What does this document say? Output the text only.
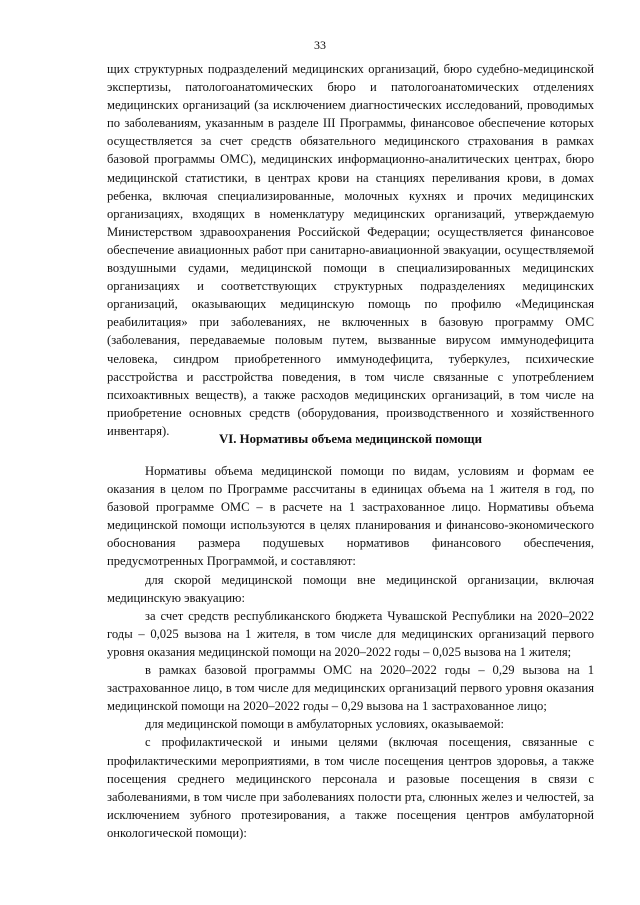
33

щих структурных подразделений медицинских организаций, бюро судебно-медицинской экспертизы, патологоанатомических бюро и патологоанатомических отделениях медицинских организаций (за исключением диагностических исследований, проводимых по заболеваниям, указанным в разделе III Программы, финансовое обеспечение которых осуществляется за счет средств обязательного медицинского страхования в рамках базовой программы ОМС), медицинских информационно-аналитических центрах, бюро медицинской статистики, в центрах крови на станциях переливания крови, в домах ребенка, включая специализированные, молочных кухнях и прочих медицинских организациях, входящих в номенклатуру медицинских организаций, утверждаемую Министерством здравоохранения Российской Федерации; осуществляется финансовое обеспечение авиационных работ при санитарно-авиационной эвакуации, осуществляемой воздушными судами, медицинской помощи в специализированных медицинских организациях и соответствующих структурных подразделениях медицинских организаций, оказывающих медицинскую помощь по профилю «Медицинская реабилитация» при заболеваниях, не включенных в базовую программу ОМС (заболевания, передаваемые половым путем, вызванные вирусом иммунодефицита человека, синдром приобретенного иммунодефицита, туберкулез, психические расстройства и расстройства поведения, в том числе связанные с употреблением психоактивных веществ), а также расходов медицинских организаций, в том числе на приобретение основных средств (оборудования, производственного и хозяйственного инвентаря).

VI. Нормативы объема медицинской помощи

Нормативы объема медицинской помощи по видам, условиям и формам ее оказания в целом по Программе рассчитаны в единицах объема на 1 жителя в год, по базовой программе ОМС – в расчете на 1 застрахованное лицо. Нормативы объема медицинской помощи используются в целях планирования и финансово-экономического обоснования размера подушевых нормативов финансового обеспечения, предусмотренных Программой, и составляют:

для скорой медицинской помощи вне медицинской организации, включая медицинскую эвакуацию:

за счет средств республиканского бюджета Чувашской Республики на 2020–2022 годы – 0,025 вызова на 1 жителя, в том числе для медицинских организаций первого уровня оказания медицинской помощи на 2020–2022 годы – 0,025 вызова на 1 жителя;

в рамках базовой программы ОМС на 2020–2022 годы – 0,29 вызова на 1 застрахованное лицо, в том числе для медицинских организаций первого уровня оказания медицинской помощи на 2020–2022 годы – 0,29 вызова на 1 застрахованное лицо;

для медицинской помощи в амбулаторных условиях, оказываемой:

с профилактической и иными целями (включая посещения, связанные с профилактическими мероприятиями, в том числе посещения центров здоровья, а также посещения среднего медицинского персонала и разовые посещения в связи с заболеваниями, в том числе при заболеваниях полости рта, слюнных желез и челюстей, за исключением зубного протезирования, а также посещения центров амбулаторной онкологической помощи):
